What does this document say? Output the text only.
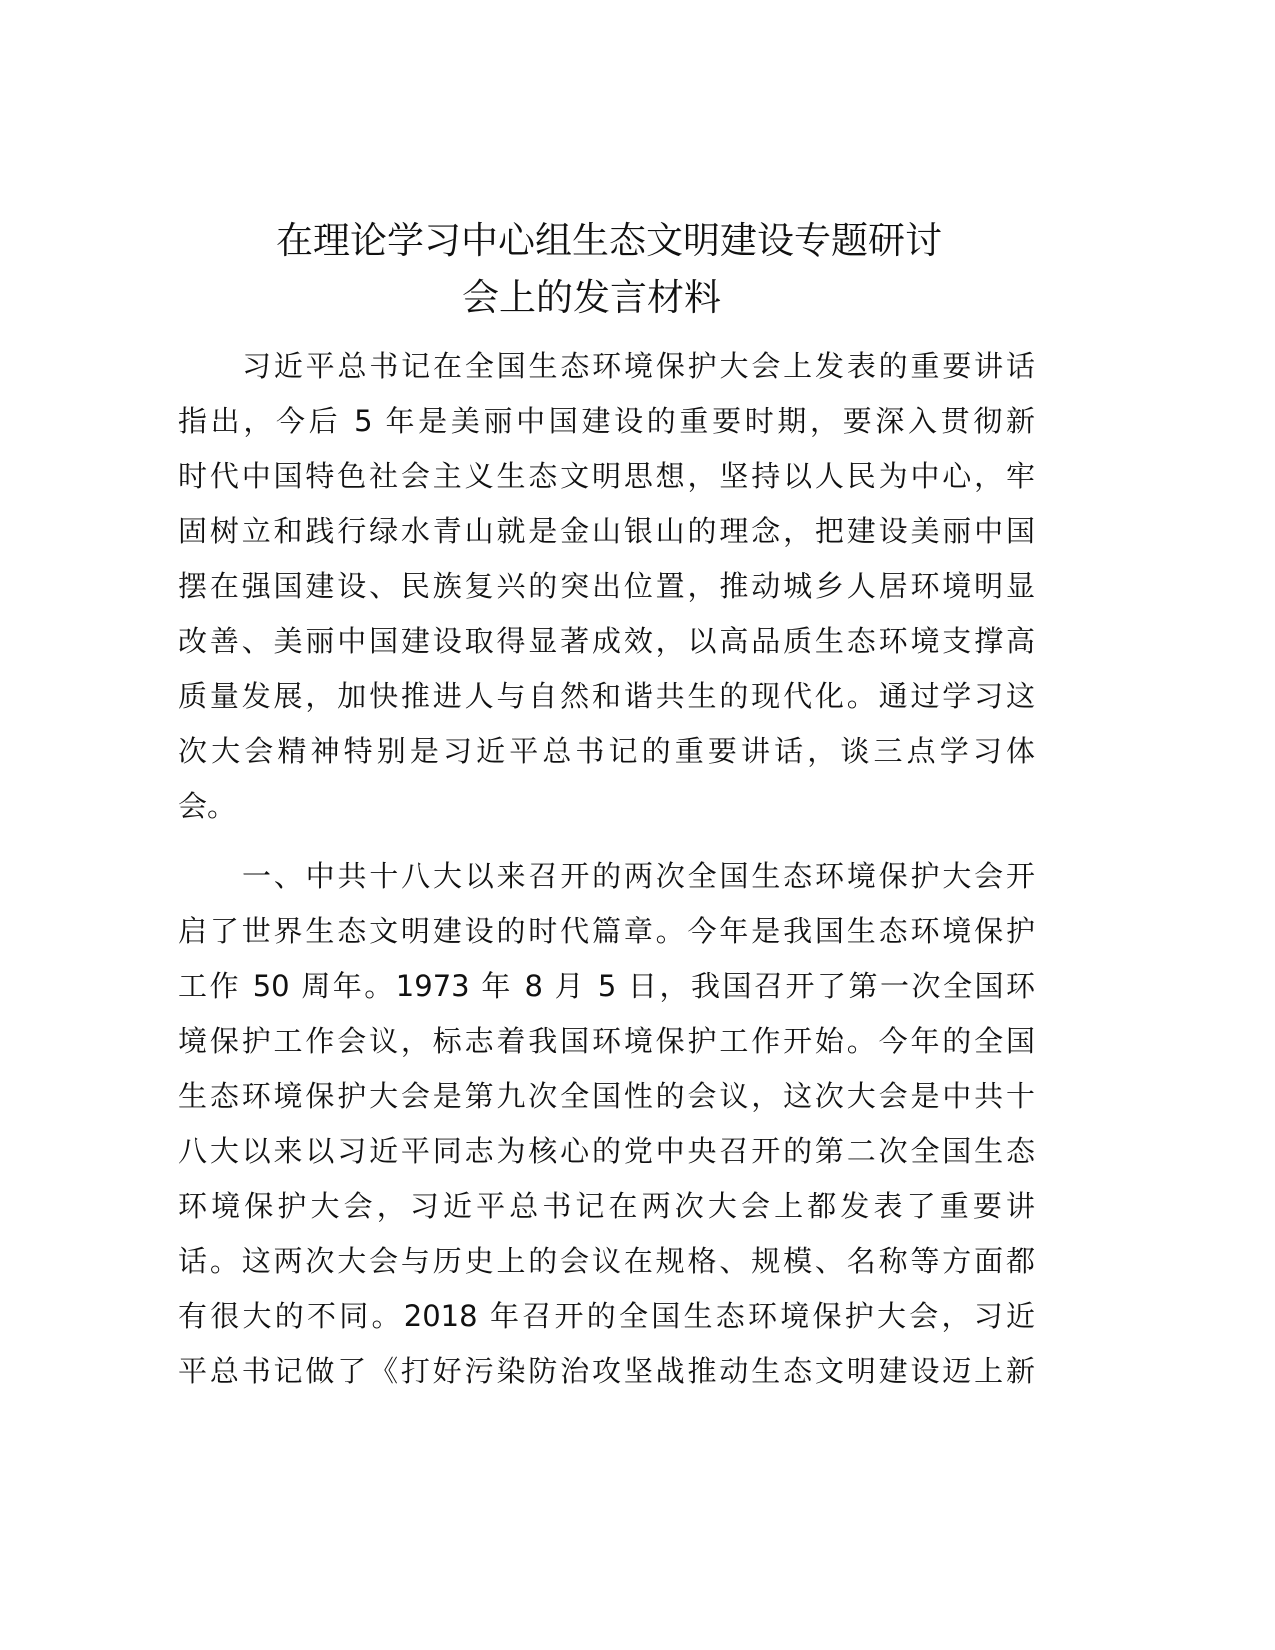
在理论学习中心组生态文明建设专题研讨
会上的发言材料
习近平总书记在全国生态环境保护大会上发表的重要讲话
指出，今后 5 年是美丽中国建设的重要时期，要深入贯彻新
时代中国特色社会主义生态文明思想，坚持以人民为中心，牢
固树立和践行绿水青山就是金山银山的理念，把建设美丽中国
摆在强国建设、民族复兴的突出位置，推动城乡人居环境明显
改善、美丽中国建设取得显著成效，以高品质生态环境支撑高
质量发展，加快推进人与自然和谐共生的现代化。通过学习这
次大会精神特别是习近平总书记的重要讲话，谈三点学习体
会。
一、中共十八大以来召开的两次全国生态环境保护大会开
启了世界生态文明建设的时代篇章。今年是我国生态环境保护
工作 50 周年。1973 年 8 月 5 日，我国召开了第一次全国环
境保护工作会议，标志着我国环境保护工作开始。今年的全国
生态环境保护大会是第九次全国性的会议，这次大会是中共十
八大以来以习近平同志为核心的党中央召开的第二次全国生态
环境保护大会，习近平总书记在两次大会上都发表了重要讲
话。这两次大会与历史上的会议在规格、规模、名称等方面都
有很大的不同。2018 年召开的全国生态环境保护大会，习近
平总书记做了《打好污染防治攻坚战推动生态文明建设迈上新
